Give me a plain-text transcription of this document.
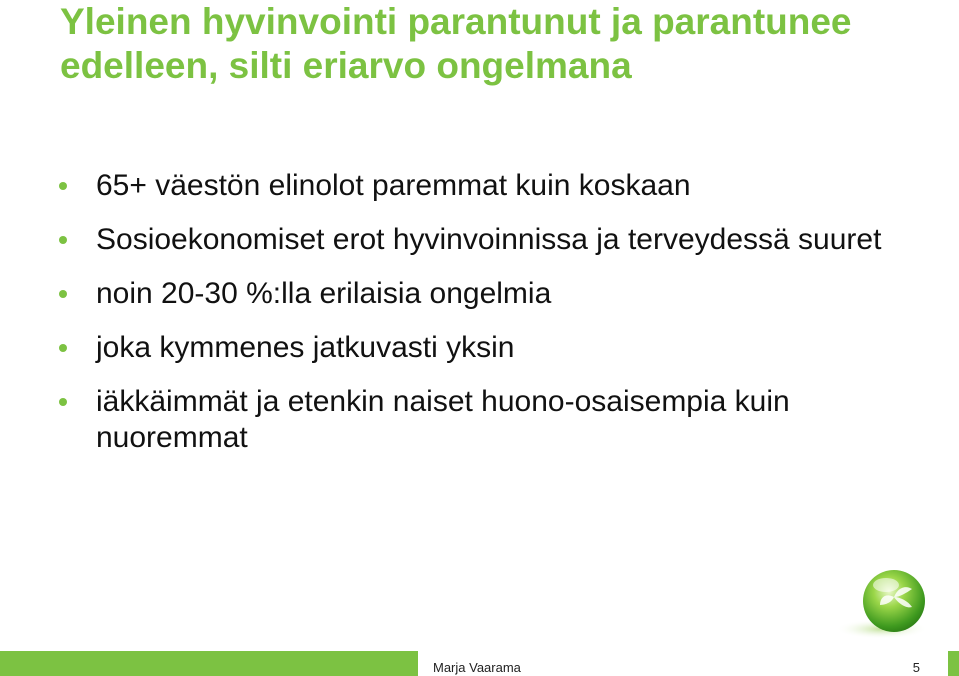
Yleinen hyvinvointi parantunut ja parantunee edelleen, silti eriarvo ongelmana
65+ väestön elinolot paremmat kuin koskaan
Sosioekonomiset erot hyvinvoinnissa ja terveydessä suuret
noin 20-30 %:lla erilaisia ongelmia
joka kymmenes jatkuvasti yksin
iäkkäimmät ja etenkin naiset huono-osaisempia kuin nuoremmat
Marja Vaarama	5
